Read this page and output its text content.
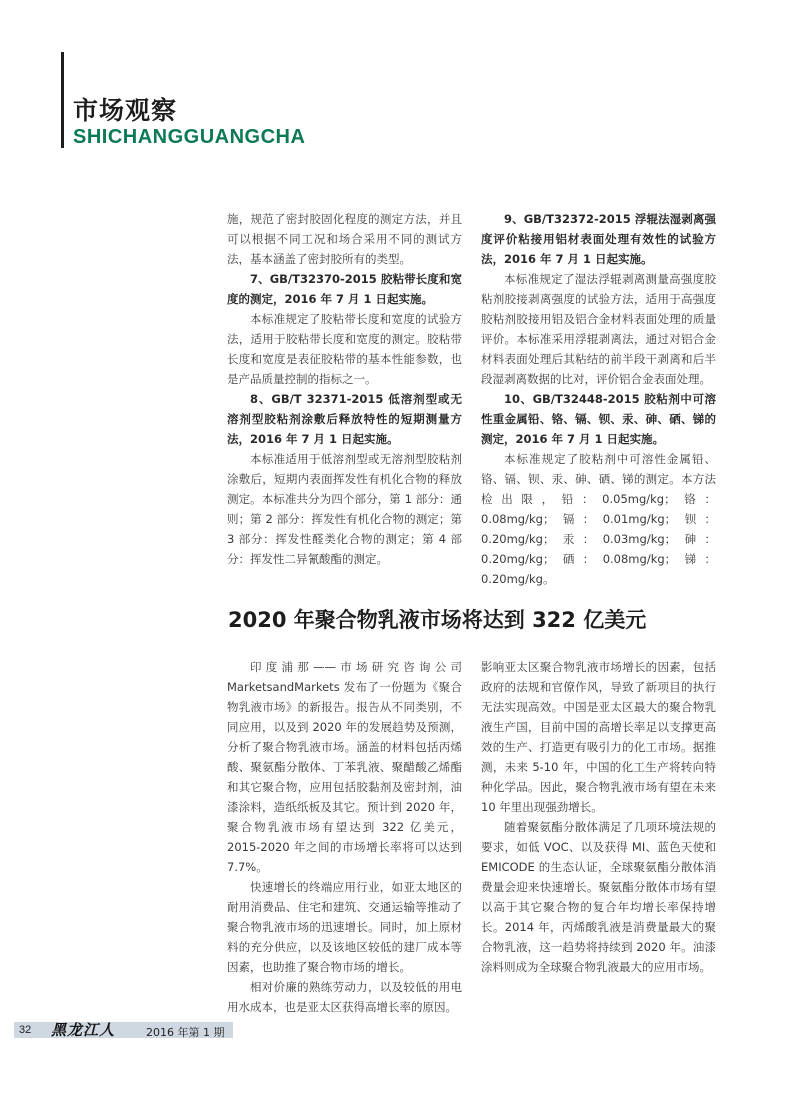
市场观察
SHICHANGGUANGCHA

施，规范了密封胶固化程度的测定方法，并且可以根据不同工况和场合采用不同的测试方法，基本涵盖了密封胶所有的类型。

7、GB/T32370-2015 胶粘带长度和宽度的测定，2016 年 7 月 1 日起实施。

本标准规定了胶粘带长度和宽度的试验方法，适用于胶粘带长度和宽度的测定。胶粘带长度和宽度是表征胶粘带的基本性能参数，也是产品质量控制的指标之一。

8、GB/T 32371-2015 低溶剂型或无溶剂型胶粘剂涂敷后释放特性的短期测量方法，2016 年 7 月 1 日起实施。

本标准适用于低溶剂型或无溶剂型胶粘剂涂敷后，短期内表面挥发性有机化合物的释放测定。本标准共分为四个部分，第 1 部分：通则；第 2 部分：挥发性有机化合物的测定；第 3 部分：挥发性醛类化合物的测定；第 4 部分：挥发性二异氰酸酯的测定。

9、GB/T32372-2015 浮辊法湿剥离强度评价粘接用铝材表面处理有效性的试验方法，2016 年 7 月 1 日起实施。

本标准规定了湿法浮辊剥离测量高强度胶粘剂胶接剥离强度的试验方法，适用于高强度胶粘剂胶接用铝及铝合金材料表面处理的质量评价。本标准采用浮辊剥离法，通过对铝合金材料表面处理后其粘结的前半段干剥离和后半段湿剥离数据的比对，评价铝合金表面处理。

10、GB/T32448-2015 胶粘剂中可溶性重金属铅、铬、镉、钡、汞、砷、硒、锑的测定，2016 年 7 月 1 日起实施。

本标准规定了胶粘剂中可溶性金属铅、铬、镉、钡、汞、砷、硒、锑的测定。本方法检出限，铅：0.05mg/kg；铬：0.08mg/kg；镉：0.01mg/kg；钡：0.20mg/kg；汞：0.03mg/kg；砷：0.20mg/kg；硒：0.08mg/kg；锑：0.20mg/kg。

2020 年聚合物乳液市场将达到 322 亿美元

印度浦那——市场研究咨询公司 MarketsandMarkets 发布了一份题为《聚合物乳液市场》的新报告。报告从不同类别，不同应用，以及到 2020 年的发展趋势及预测，分析了聚合物乳液市场。涵盖的材料包括丙烯酸、聚氨酯分散体、丁苯乳液、聚醋酸乙烯酯和其它聚合物，应用包括胶黏剂及密封剂，油漆涂料，造纸纸板及其它。预计到 2020 年，聚合物乳液市场有望达到 322 亿美元，2015-2020 年之间的市场增长率将可以达到 7.7%。

快速增长的终端应用行业，如亚太地区的耐用消费品、住宅和建筑、交通运输等推动了聚合物乳液市场的迅速增长。同时，加上原材料的充分供应，以及该地区较低的建厂成本等因素，也助推了聚合物市场的增长。

相对价廉的熟练劳动力，以及较低的用电用水成本，也是亚太区获得高增长率的原因。

影响亚太区聚合物乳液市场增长的因素，包括政府的法规和官僚作风，导致了新项目的执行无法实现高效。中国是亚太区最大的聚合物乳液生产国，目前中国的高增长率足以支撑更高效的生产、打造更有吸引力的化工市场。据推测，未来 5-10 年，中国的化工生产将转向特种化学品。因此，聚合物乳液市场有望在未来 10 年里出现强劲增长。

随着聚氨酯分散体满足了几项环境法规的要求，如低 VOC、以及获得 MI、蓝色天使和 EMICODE 的生态认证，全球聚氨酯分散体消费量会迎来快速增长。聚氨酯分散体市场有望以高于其它聚合物的复合年均增长率保持增长。2014 年，丙烯酸乳液是消费量最大的聚合物乳液，这一趋势将持续到 2020 年。油漆涂料则成为全球聚合物乳液最大的应用市场。

32 黑龙江人	2016 年第 1 期
